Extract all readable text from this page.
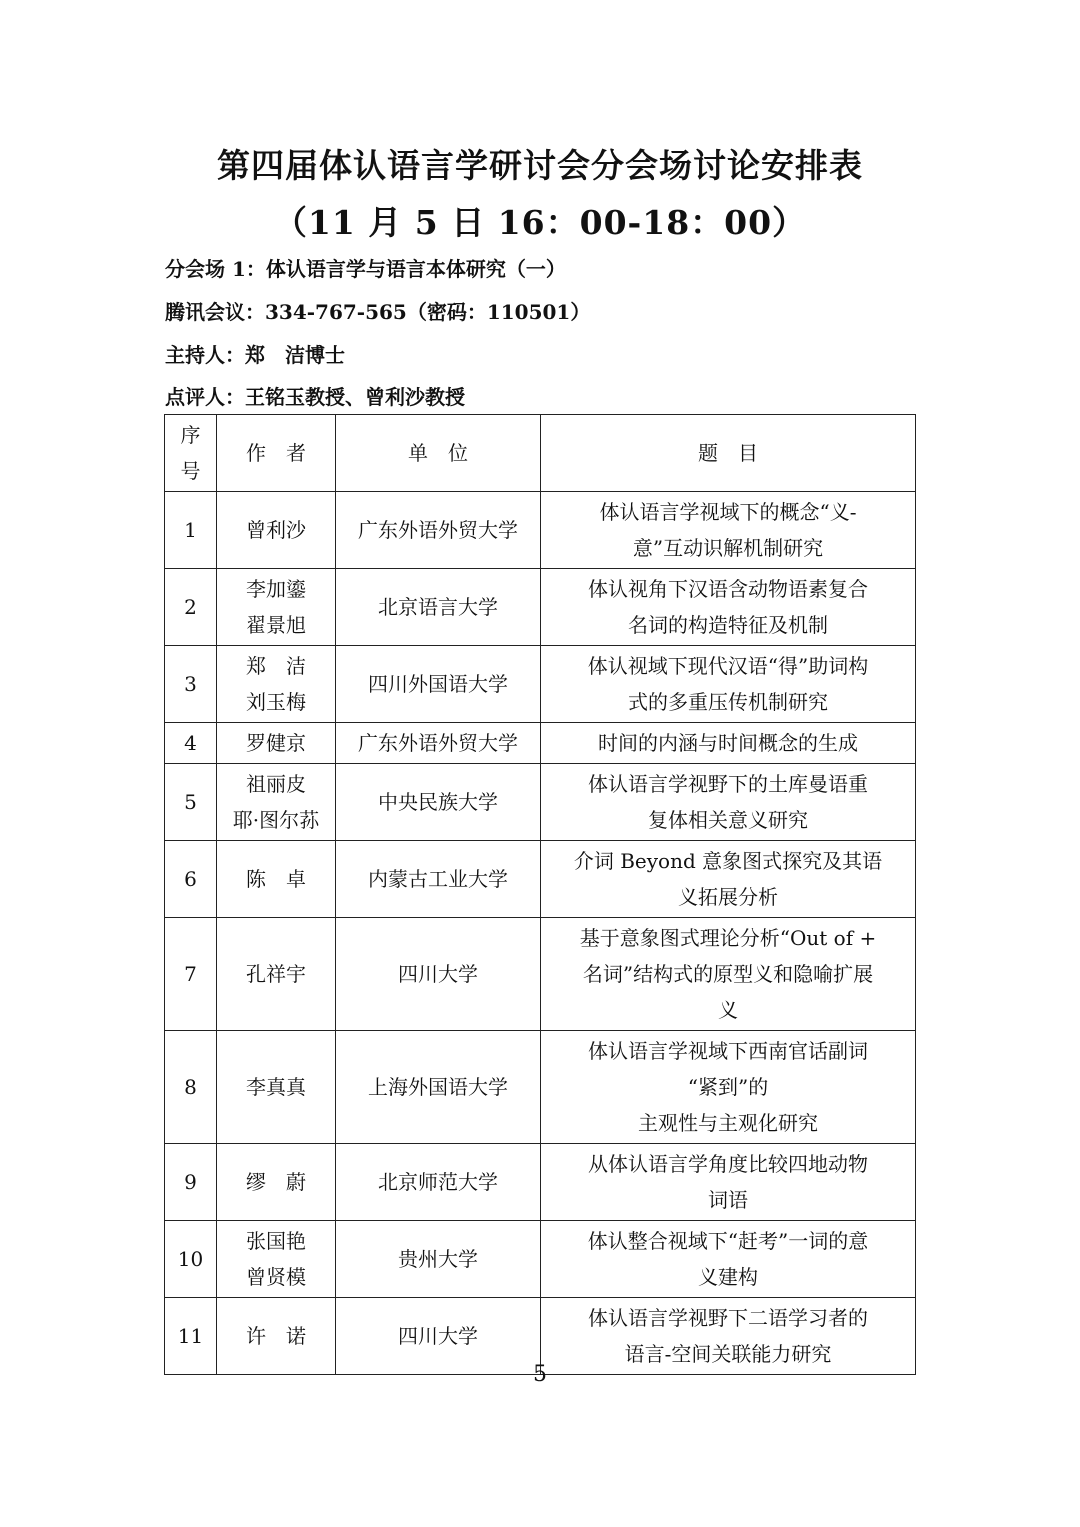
第四届体认语言学研讨会分会场讨论安排表
（11 月 5 日 16：00-18：00）
分会场 1：体认语言学与语言本体研究（一）
腾讯会议：334-767-565（密码：110501）
主持人：郑　洁博士
点评人：王铭玉教授、曾利沙教授
序号	作　者	单　位	题　目
1	曾利沙	广东外语外贸大学	体认语言学视域下的概念“义-
意”互动识解机制研究

2	李加鎏
翟景旭	北京语言大学	体认视角下汉语含动物语素复合
名词的构造特征及机制

3	郑　洁
刘玉梅	四川外国语大学	体认视域下现代汉语“得”助词构
式的多重压传机制研究

4	罗健京	广东外语外贸大学	时间的内涵与时间概念的生成

5	祖丽皮
耶·图尔荪	中央民族大学	体认语言学视野下的土库曼语重
复体相关意义研究

6	陈　卓	内蒙古工业大学	介词 Beyond 意象图式探究及其语
义拓展分析

7	孔祥宇	四川大学	基于意象图式理论分析“Out of +
名词”结构式的原型义和隐喻扩展
义

8	李真真	上海外国语大学	体认语言学视域下西南官话副词
“紧到”的
主观性与主观化研究

9	缪　蔚	北京师范大学	从体认语言学角度比较四地动物
词语

10	张国艳
曾贤模	贵州大学	体认整合视域下“赶考”一词的意
义建构

11	许　诺	四川大学	体认语言学视野下二语学习者的
语言-空间关联能力研究
5
